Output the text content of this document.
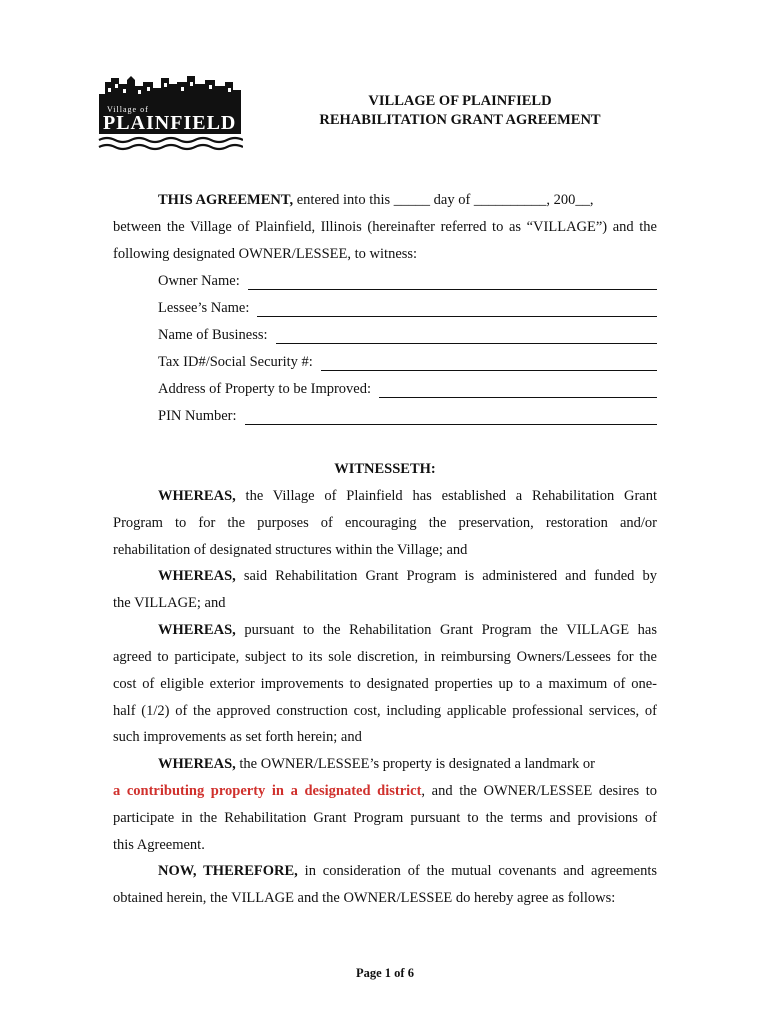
Village of
PLAINFIELD
VILLAGE OF PLAINFIELD
REHABILITATION GRANT AGREEMENT
THIS AGREEMENT, entered into this _____ day of __________, 200__,
between the Village of Plainfield, Illinois (hereinafter referred to as “VILLAGE”) and the
following designated OWNER/LESSEE, to witness:
Owner Name:
Lessee’s Name:
Name of Business:
Tax ID#/Social Security #:
Address of Property to be Improved:
PIN Number:
WITNESSETH:
WHEREAS, the Village of Plainfield has established a Rehabilitation Grant
Program to for the purposes of encouraging the preservation, restoration and/or
rehabilitation of designated structures within the Village; and
WHEREAS, said Rehabilitation Grant Program is administered and funded by
the VILLAGE; and
WHEREAS, pursuant to the Rehabilitation Grant Program the VILLAGE has
agreed to participate, subject to its sole discretion, in reimbursing Owners/Lessees for the
cost of eligible exterior improvements to designated properties up to a maximum of one-
half (1/2) of the approved construction cost, including applicable professional services, of
such improvements as set forth herein; and
WHEREAS, the OWNER/LESSEE’s property is designated a landmark or
a contributing property in a designated district, and the OWNER/LESSEE desires to
participate in the Rehabilitation Grant Program pursuant to the terms and provisions of
this Agreement.
NOW, THEREFORE, in consideration of the mutual covenants and agreements
obtained herein, the VILLAGE and the OWNER/LESSEE do hereby agree as follows:
Page 1 of 6
